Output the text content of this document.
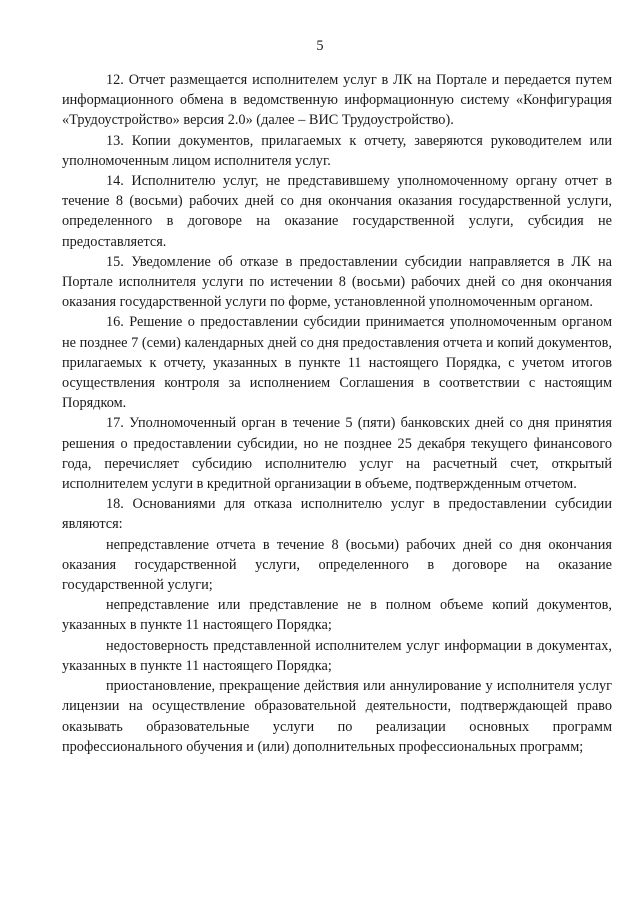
5

12. Отчет размещается исполнителем услуг в ЛК на Портале и передается путем информационного обмена в ведомственную информационную систему «Конфигурация «Трудоустройство» версия 2.0» (далее – ВИС Трудоустройство).

13. Копии документов, прилагаемых к отчету, заверяются руководителем или уполномоченным лицом исполнителя услуг.

14. Исполнителю услуг, не представившему уполномоченному органу отчет в течение 8 (восьми) рабочих дней со дня окончания оказания государственной услуги, определенного в договоре на оказание государственной услуги, субсидия не предоставляется.

15. Уведомление об отказе в предоставлении субсидии направляется в ЛК на Портале исполнителя услуги по истечении 8 (восьми) рабочих дней со дня окончания оказания государственной услуги по форме, установленной уполномоченным органом.

16. Решение о предоставлении субсидии принимается уполномоченным органом не позднее 7 (семи) календарных дней со дня предоставления отчета и копий документов, прилагаемых к отчету, указанных в пункте 11 настоящего Порядка, с учетом итогов осуществления контроля за исполнением Соглашения в соответствии с настоящим Порядком.

17. Уполномоченный орган в течение 5 (пяти) банковских дней со дня принятия решения о предоставлении субсидии, но не позднее 25 декабря текущего финансового года, перечисляет субсидию исполнителю услуг на расчетный счет, открытый исполнителем услуги в кредитной организации в объеме, подтвержденным отчетом.

18. Основаниями для отказа исполнителю услуг в предоставлении субсидии являются:

непредставление отчета в течение 8 (восьми) рабочих дней со дня окончания оказания государственной услуги, определенного в договоре на оказание государственной услуги;

непредставление или представление не в полном объеме копий документов, указанных в пункте 11 настоящего Порядка;

недостоверность представленной исполнителем услуг информации в документах, указанных в пункте 11 настоящего Порядка;

приостановление, прекращение действия или аннулирование у исполнителя услуг лицензии на осуществление образовательной деятельности, подтверждающей право оказывать образовательные услуги по реализации основных программ профессионального обучения и (или) дополнительных профессиональных программ;
